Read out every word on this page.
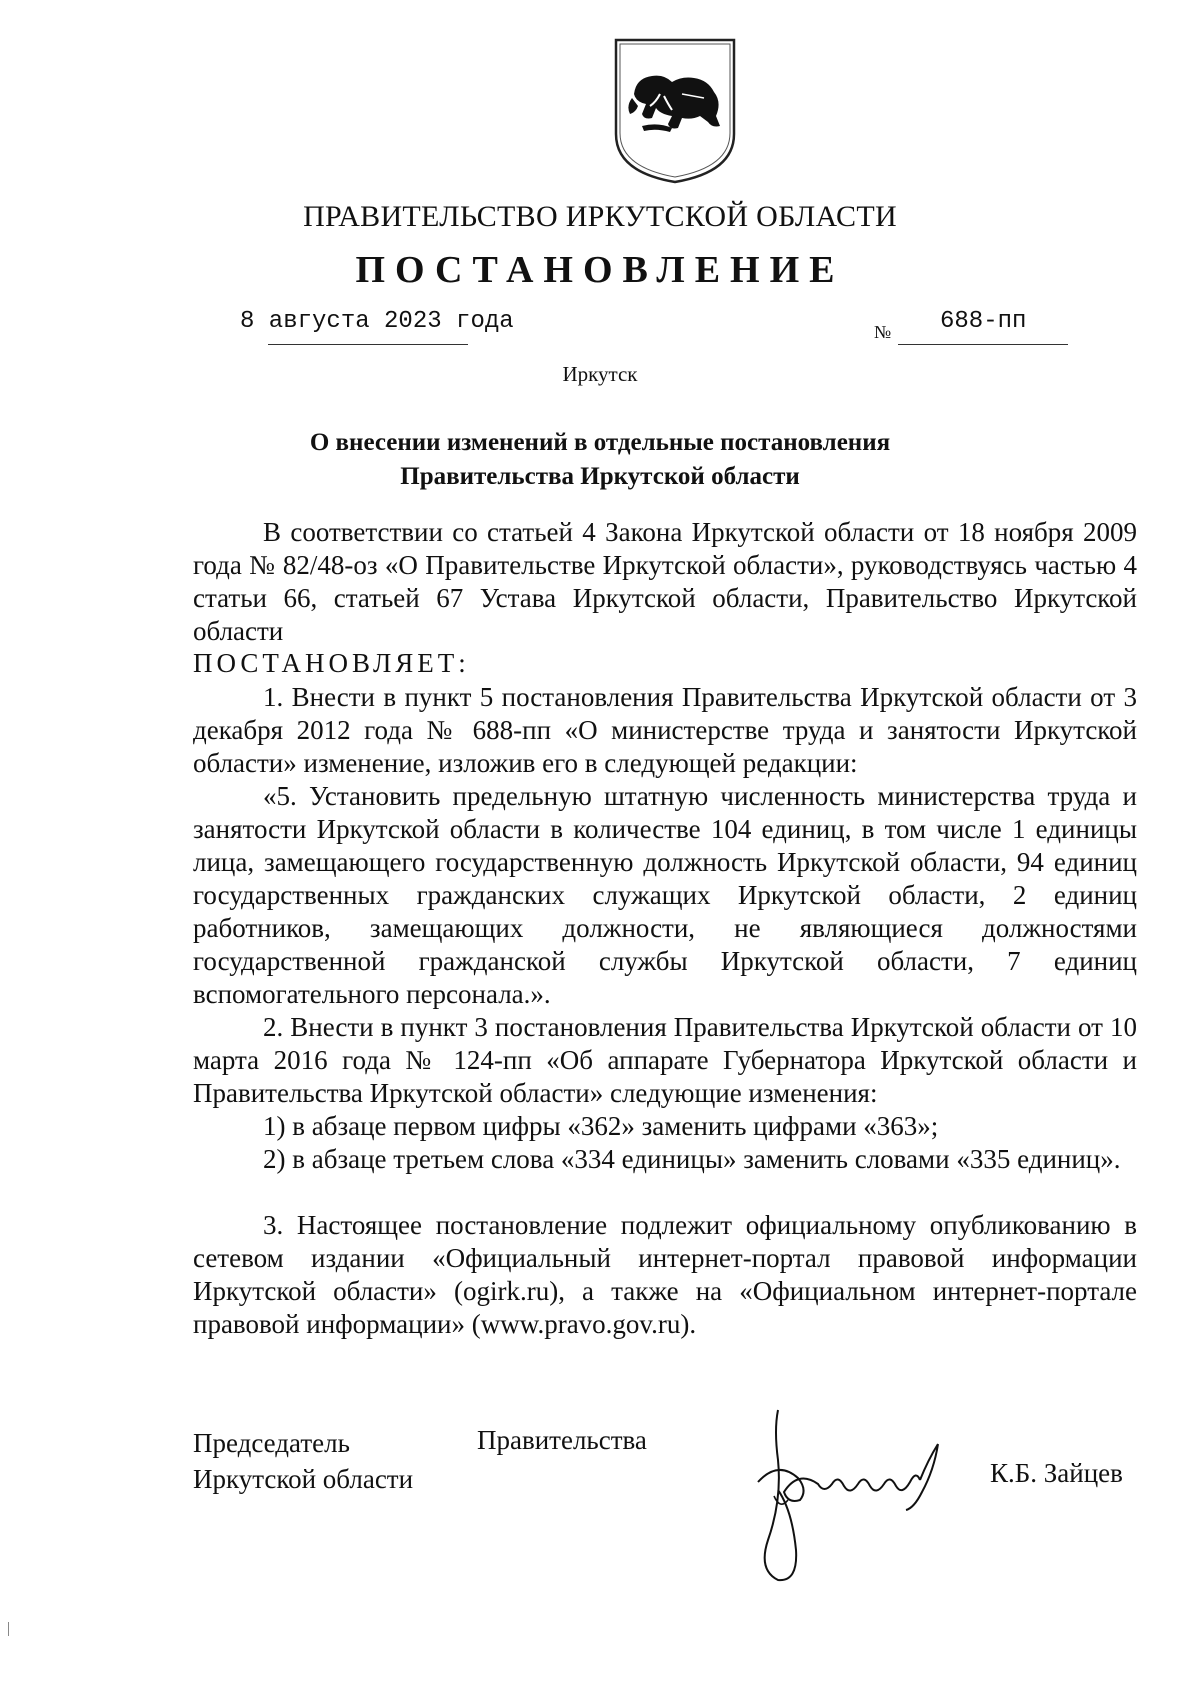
ПРАВИТЕЛЬСТВО ИРКУТСКОЙ ОБЛАСТИ
ПОСТАНОВЛЕНИЕ
8 августа 2023 года	№ 688-пп
Иркутск
О внесении изменений в отдельные постановления
Правительства Иркутской области

В соответствии со статьей 4 Закона Иркутской области от 18 ноября 2009 года № 82/48-оз «О Правительстве Иркутской области», руководствуясь частью 4 статьи 66, статьей 67 Устава Иркутской области, Правительство Иркутской области

ПОСТАНОВЛЯЕТ:

1. Внести в пункт 5 постановления Правительства Иркутской области от 3 декабря 2012 года № 688-пп «О министерстве труда и занятости Иркутской области» изменение, изложив его в следующей редакции:

«5. Установить предельную штатную численность министерства труда и занятости Иркутской области в количестве 104 единиц, в том числе 1 единицы лица, замещающего государственную должность Иркутской области, 94 единиц государственных гражданских служащих Иркутской области, 2 единиц работников, замещающих должности, не являющиеся должностями государственной гражданской службы Иркутской области, 7 единиц вспомогательного персонала.».

2. Внести в пункт 3 постановления Правительства Иркутской области от 10 марта 2016 года № 124-пп «Об аппарате Губернатора Иркутской области и Правительства Иркутской области» следующие изменения:

1) в абзаце первом цифры «362» заменить цифрами «363»;

2) в абзаце третьем слова «334 единицы» заменить словами «335 единиц».

3. Настоящее постановление подлежит официальному опубликованию в сетевом издании «Официальный интернет-портал правовой информации Иркутской области» (ogirk.ru), а также на «Официальном интернет-портале правовой информации» (www.pravo.gov.ru).

Председатель
Иркутской области
Правительства
К.Б. Зайцев
